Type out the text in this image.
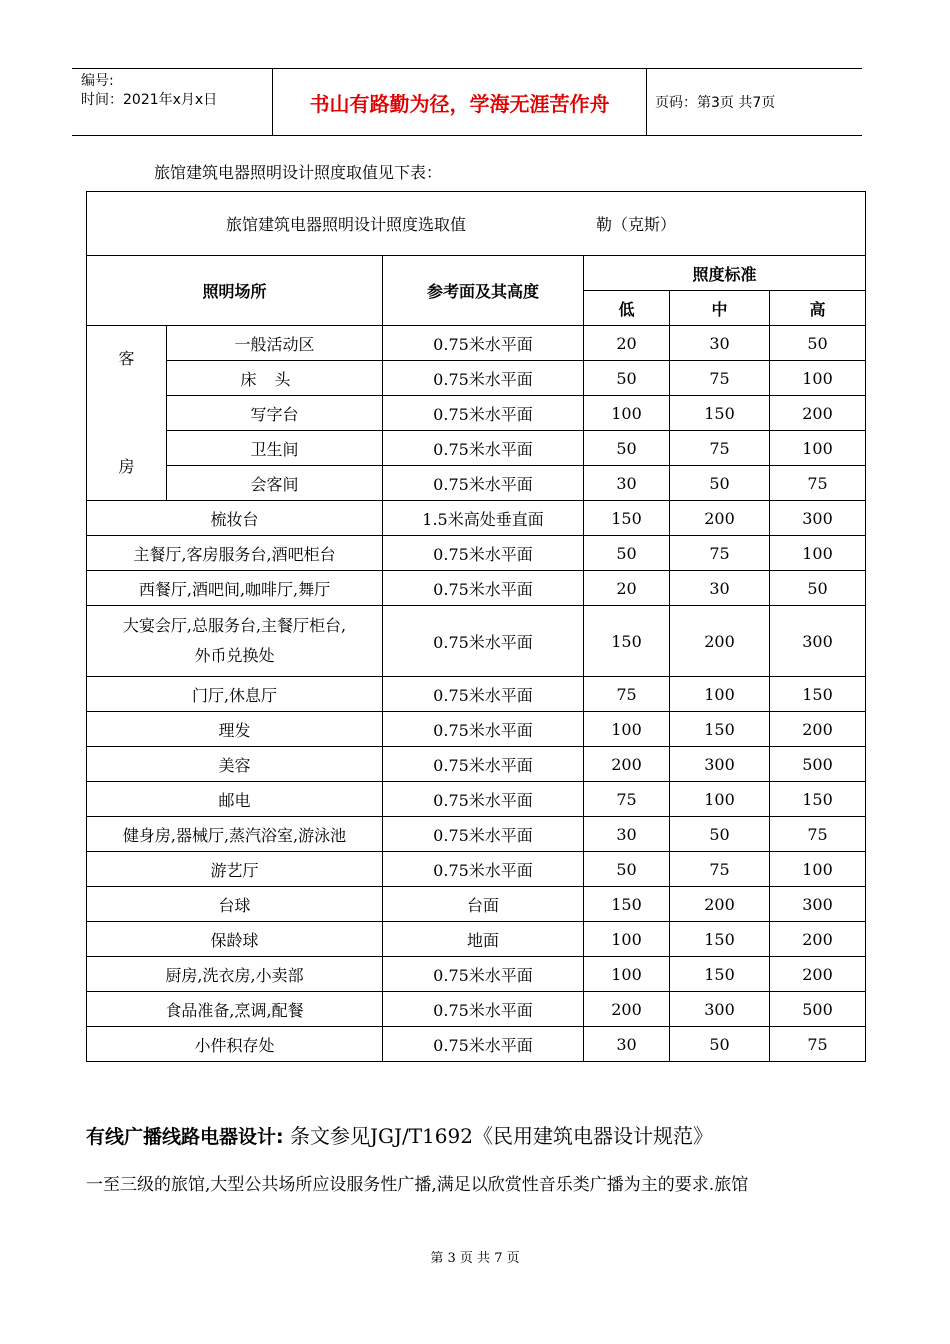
编号:
时间：2021年x月x日	书山有路勤为径，学海无涯苦作舟	页码：第3页 共7页
旅馆建筑电器照明设计照度取值见下表：
旅馆建筑电器照明设计照度选取值 勒（克斯）					
照明场所		参考面及其高度	照度标准		
			低	中	高

客
房	一般活动区	0.75米水平面	20	30	50
	床头	0.75米水平面	50	75	100
	写字台	0.75米水平面	100	150	200
	卫生间	0.75米水平面	50	75	100
	会客间	0.75米水平面	30	50	75
梳妆台		1.5米高处垂直面	150	200	300
主餐厅,客房服务台,酒吧柜台		0.75米水平面	50	75	100
西餐厅,酒吧间,咖啡厅,舞厅		0.75米水平面	20	30	50

大宴会厅,总服务台,主餐厅柜台,
外币兑换处		0.75米水平面	150	200	300
门厅,休息厅		0.75米水平面	75	100	150
理发		0.75米水平面	100	150	200
美容		0.75米水平面	200	300	500
邮电		0.75米水平面	75	100	150
健身房,器械厅,蒸汽浴室,游泳池		0.75米水平面	30	50	75
游艺厅		0.75米水平面	50	75	100
台球		台面	150	200	300
保龄球		地面	100	150	200
厨房,洗衣房,小卖部		0.75米水平面	100	150	200
食品准备,烹调,配餐		0.75米水平面	200	300	500
小件积存处		0.75米水平面	30	50	75
有线广播线路电器设计: 条文参见JGJ/T1692《民用建筑电器设计规范》
一至三级的旅馆,大型公共场所应设服务性广播,满足以欣赏性音乐类广播为主的要求.旅馆
第 3 页 共 7 页
